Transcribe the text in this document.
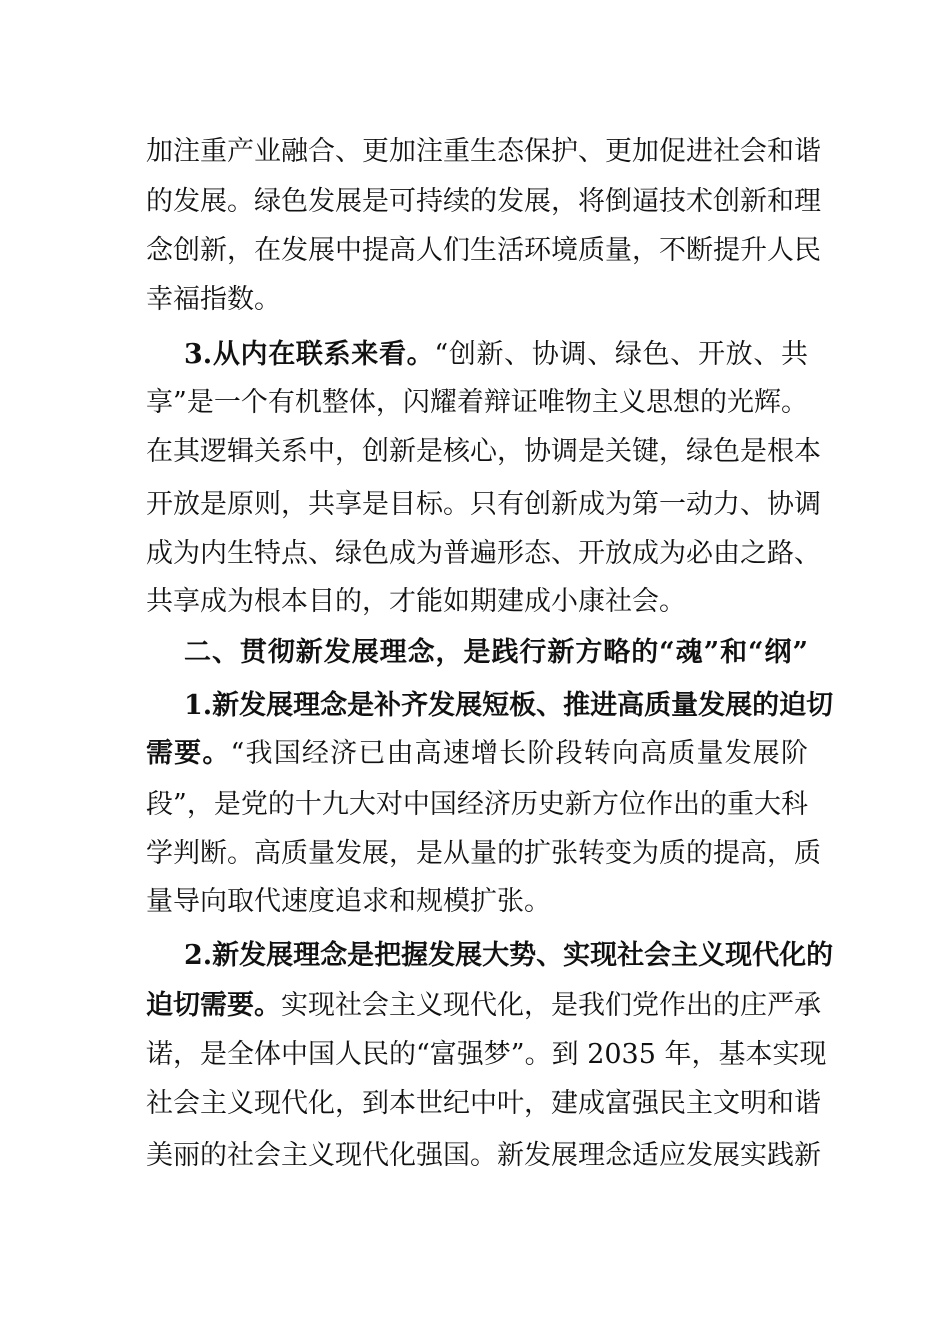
加注重产业融合、更加注重生态保护、更加促进社会和谐
的发展。绿色发展是可持续的发展，将倒逼技术创新和理
念创新，在发展中提高人们生活环境质量，不断提升人民
幸福指数。
3.从内在联系来看。“创新、协调、绿色、开放、共
享”是一个有机整体，闪耀着辩证唯物主义思想的光辉。
在其逻辑关系中，创新是核心，协调是关键，绿色是根本
开放是原则，共享是目标。只有创新成为第一动力、协调
成为内生特点、绿色成为普遍形态、开放成为必由之路、
共享成为根本目的，才能如期建成小康社会。
二、贯彻新发展理念，是践行新方略的“魂”和“纲”
1.新发展理念是补齐发展短板、推进高质量发展的迫切
需要。“我国经济已由高速增长阶段转向高质量发展阶
段”，是党的十九大对中国经济历史新方位作出的重大科
学判断。高质量发展，是从量的扩张转变为质的提高，质
量导向取代速度追求和规模扩张。
2.新发展理念是把握发展大势、实现社会主义现代化的
迫切需要。实现社会主义现代化，是我们党作出的庄严承
诺，是全体中国人民的“富强梦”。到 2035 年，基本实现
社会主义现代化，到本世纪中叶，建成富强民主文明和谐
美丽的社会主义现代化强国。新发展理念适应发展实践新
